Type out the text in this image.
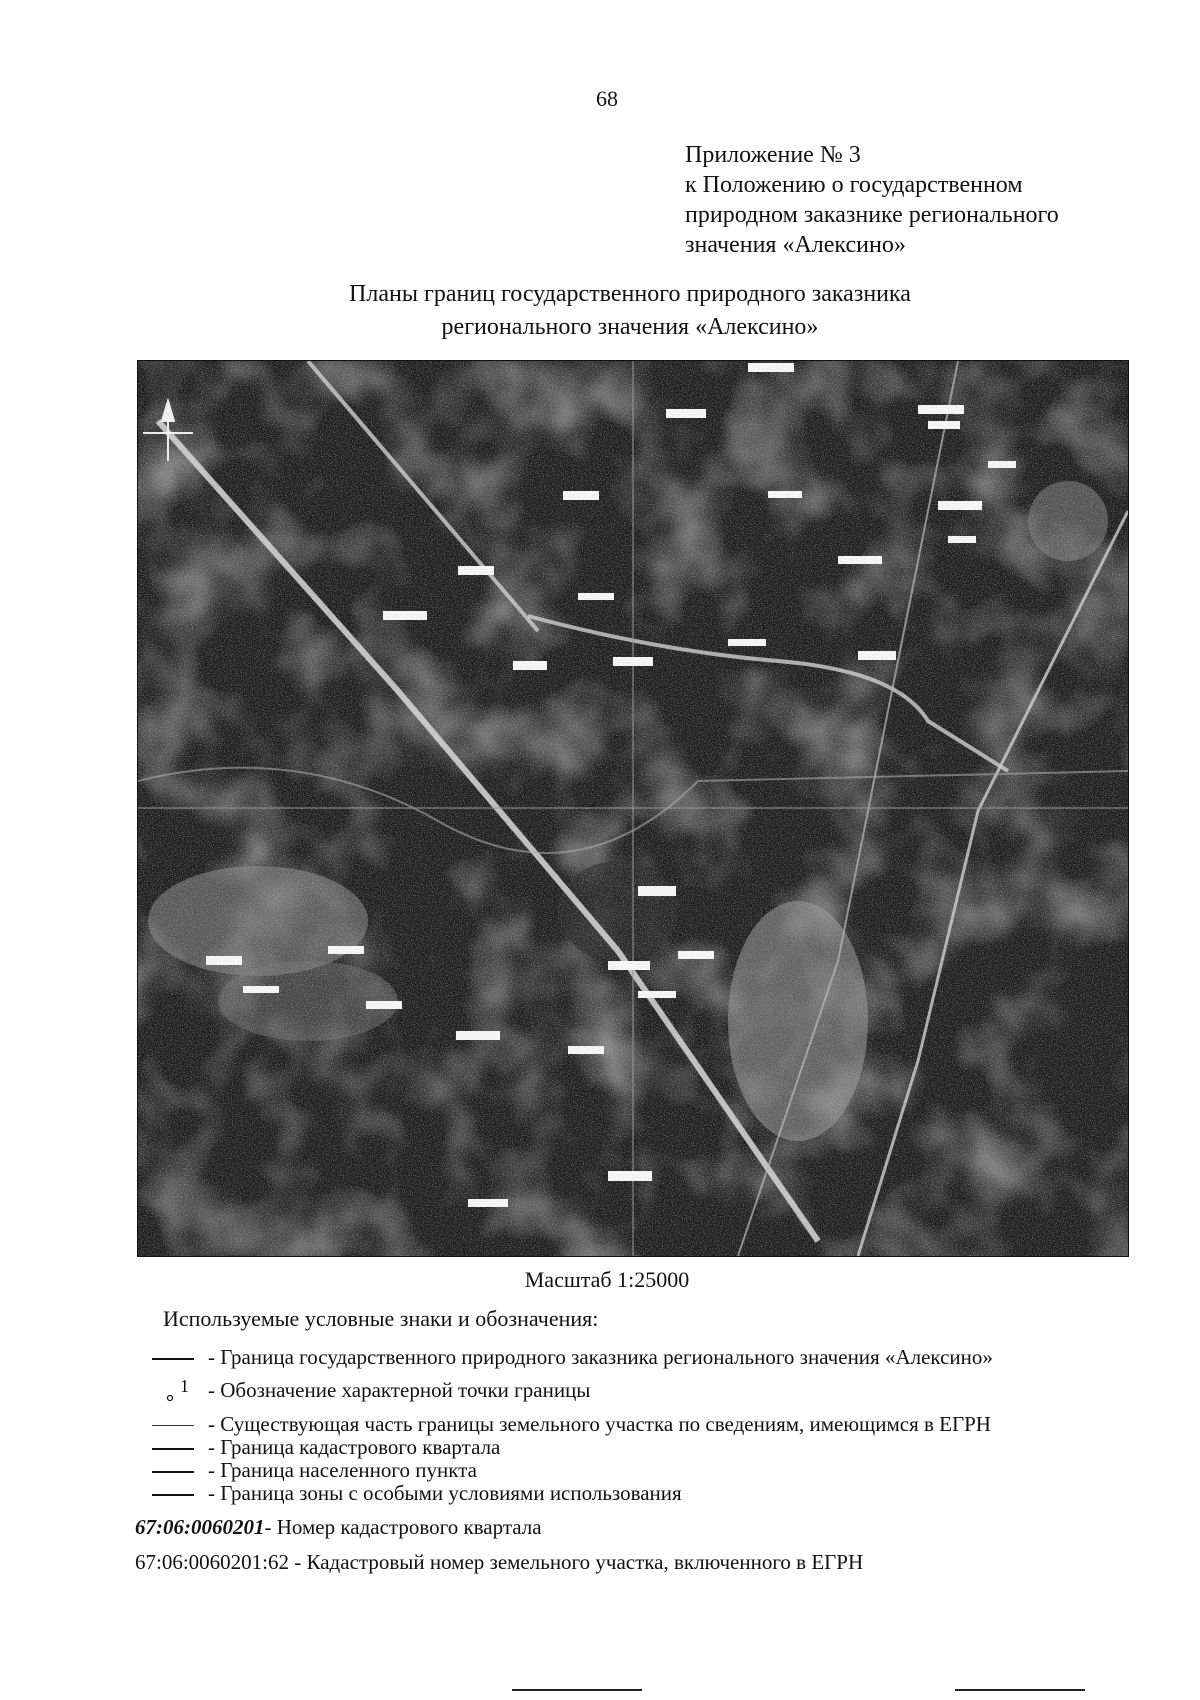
68
Приложение № 3
к Положению о государственном
природном заказнике регионального
значения «Алексино»
Планы границ государственного природного заказника
регионального значения «Алексино»
1
Масштаб 1:25000
Используемые условные знаки и обозначения:
- Граница государственного природного заказника регионального значения «Алексино»
1 - Обозначение характерной точки границы
- Существующая часть границы земельного участка по сведениям, имеющимся в ЕГРН
- Граница кадастрового квартала
- Граница населенного пункта
- Граница зоны с особыми условиями использования
67:06:0060201- Номер кадастрового квартала
67:06:0060201:62 - Кадастровый номер земельного участка, включенного в ЕГРН
